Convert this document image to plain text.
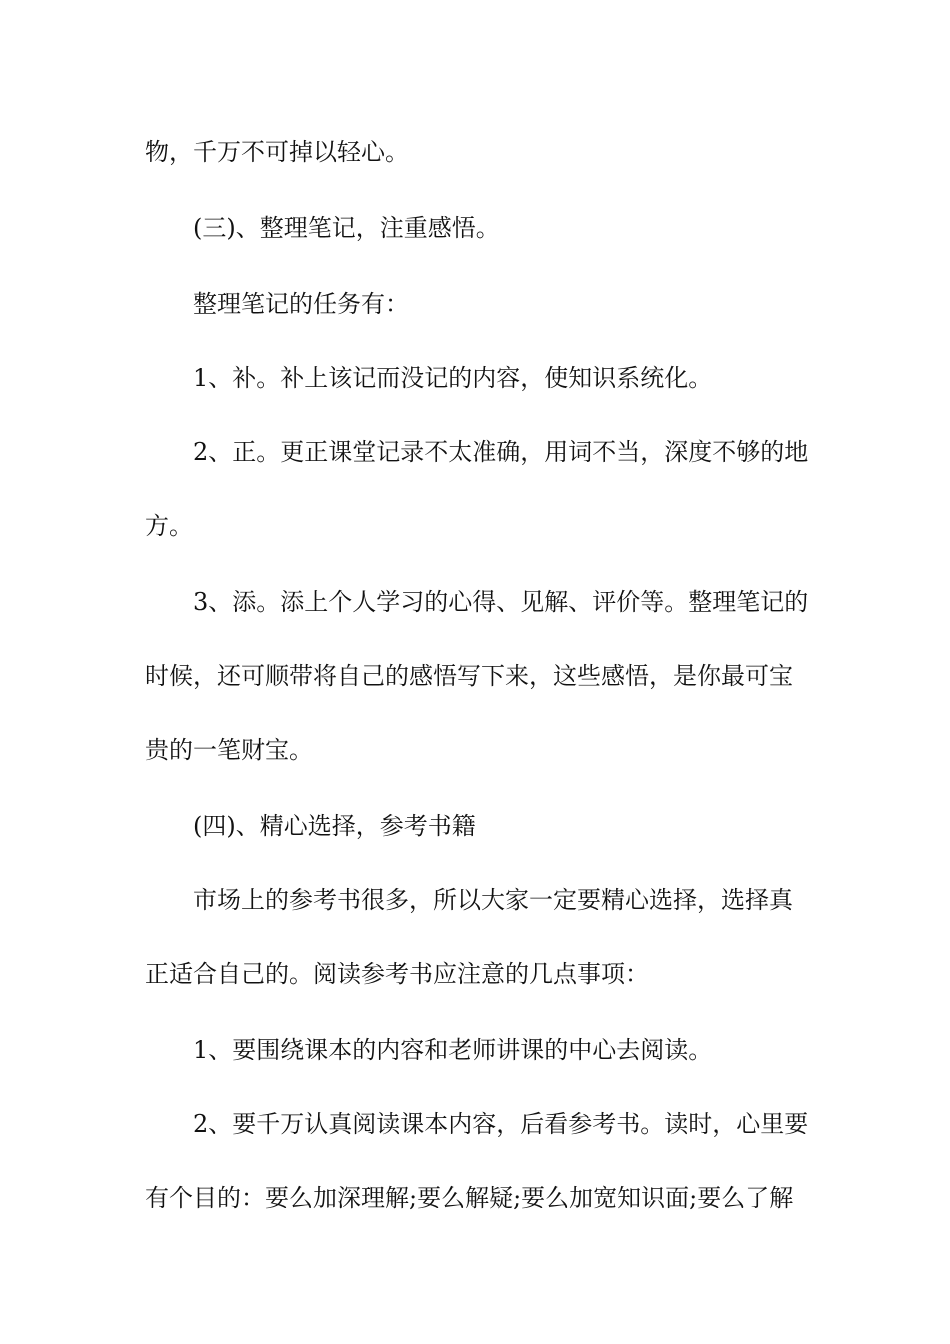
物，千万不可掉以轻心。

(三)、整理笔记，注重感悟。

整理笔记的任务有：

1、补。补上该记而没记的内容，使知识系统化。

2、正。更正课堂记录不太准确，用词不当，深度不够的地
方。

3、添。添上个人学习的心得、见解、评价等。整理笔记的
时候，还可顺带将自己的感悟写下来，这些感悟，是你最可宝
贵的一笔财宝。

(四)、精心选择，参考书籍

市场上的参考书很多，所以大家一定要精心选择，选择真
正适合自己的。阅读参考书应注意的几点事项：

1、要围绕课本的内容和老师讲课的中心去阅读。

2、要千万认真阅读课本内容，后看参考书。读时，心里要
有个目的：要么加深理解;要么解疑;要么加宽知识面;要么了解
